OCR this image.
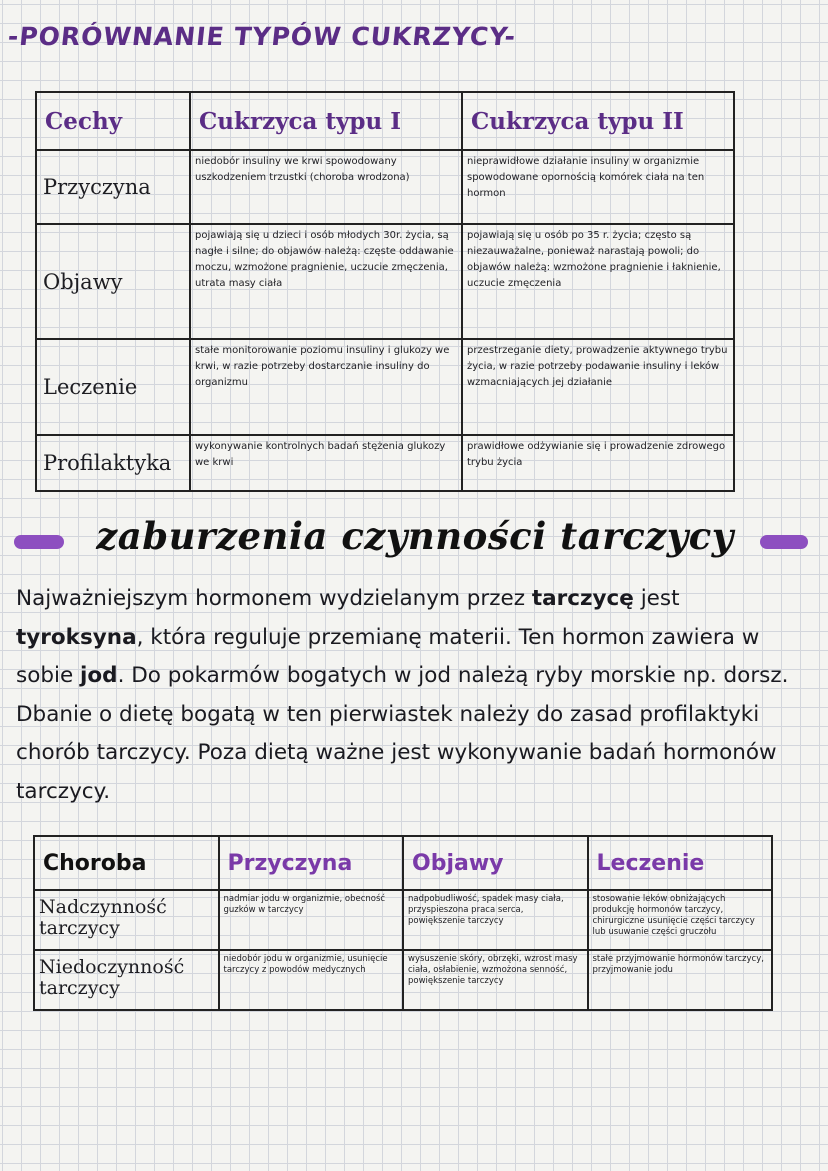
-PORÓWNANIE TYPÓW CUKRZYCY-
Cechy	Cukrzyca typu I	Cukrzyca typu II
Przyczyna	niedobór insuliny we krwi spowodowany uszkodzeniem trzustki (choroba wrodzona)	nieprawidłowe działanie insuliny w organizmie spowodowane opornością komórek ciała na ten hormon
Objawy	pojawiają się u dzieci i osób młodych 30r. życia, są nagłe i silne; do objawów należą: częste oddawanie moczu, wzmożone pragnienie, uczucie zmęczenia, utrata masy ciała	pojawiają się u osób po 35 r. życia; często są niezauważalne, ponieważ narastają powoli; do objawów należą: wzmożone pragnienie i łaknienie, uczucie zmęczenia
Leczenie	stałe monitorowanie poziomu insuliny i glukozy we krwi, w razie potrzeby dostarczanie insuliny do organizmu	przestrzeganie diety, prowadzenie aktywnego trybu życia, w razie potrzeby podawanie insuliny i leków wzmacniających jej działanie
Profilaktyka	wykonywanie kontrolnych badań stężenia glukozy we krwi	prawidłowe odżywianie się i prowadzenie zdrowego trybu życia
zaburzenia czynności tarczycy
Najważniejszym hormonem wydzielanym przez tarczycę jest tyroksyna, która reguluje przemianę materii. Ten hormon zawiera w sobie jod. Do pokarmów bogatych w jod należą ryby morskie np. dorsz. Dbanie o dietę bogatą w ten pierwiastek należy do zasad profilaktyki chorób tarczycy. Poza dietą ważne jest wykonywanie badań hormonów tarczycy.
Choroba	Przyczyna	Objawy	Leczenie
Nadczynność tarczycy	nadmiar jodu w organizmie, obecność guzków w tarczycy	nadpobudliwość, spadek masy ciała, przyspieszona praca serca, powiększenie tarczycy	stosowanie leków obniżających produkcję hormonów tarczycy, chirurgiczne usunięcie części tarczycy lub usuwanie części gruczołu
Niedoczynność tarczycy	niedobór jodu w organizmie, usunięcie tarczycy z powodów medycznych	wysuszenie skóry, obrzęki, wzrost masy ciała, osłabienie, wzmożona senność, powiększenie tarczycy	stałe przyjmowanie hormonów tarczycy, przyjmowanie jodu
